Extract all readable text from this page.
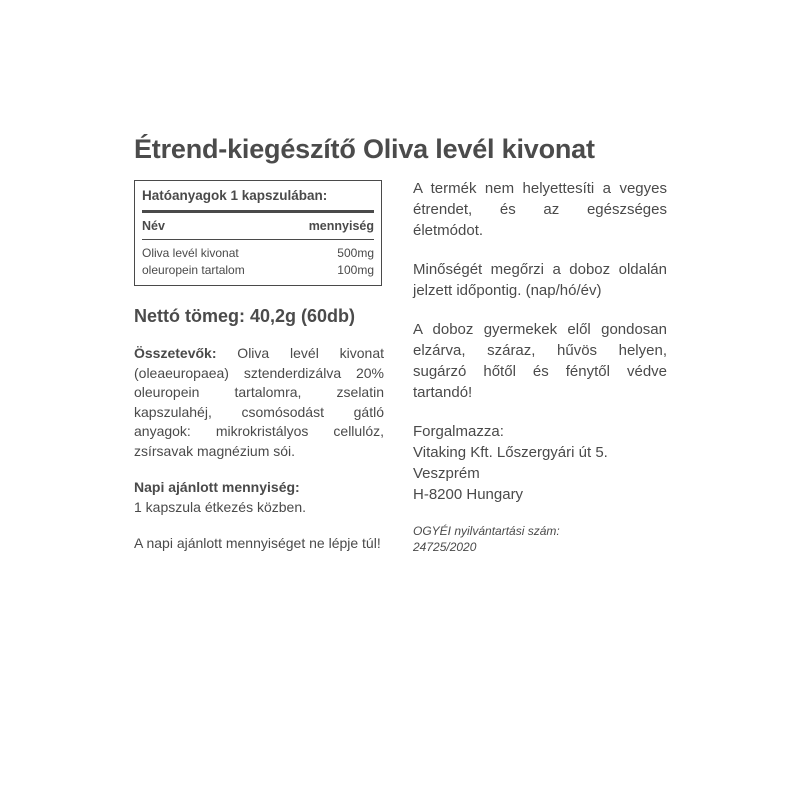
Étrend-kiegészítő Oliva levél kivonat
Hatóanyagok 1 kapszulában:
Név	mennyiség
Oliva levél kivonat	500mg
oleuropein tartalom	100mg
Nettó tömeg: 40,2g (60db)
Összetevők: Oliva levél kivonat (oleaeuropaea) sztenderdizálva 20% oleuropein tartalomra, zselatin kapszulahéj, csomósodást gátló anyagok: mikrokristályos cellulóz, zsírsavak magnézium sói.
Napi ajánlott mennyiség:
1 kapszula étkezés közben.
A napi ajánlott mennyiséget ne lépje túl!
A termék nem helyettesíti a vegyes étrendet, és az egészséges életmódot.
Minőségét megőrzi a doboz oldalán jelzett időpontig. (nap/hó/év)
A doboz gyermekek elől gondosan elzárva, száraz, hűvös helyen, sugárzó hőtől és fénytől védve tartandó!
Forgalmazza:
Vitaking Kft. Lőszergyári út 5.
Veszprém
H-8200 Hungary
OGYÉI nyilvántartási szám:
24725/2020
